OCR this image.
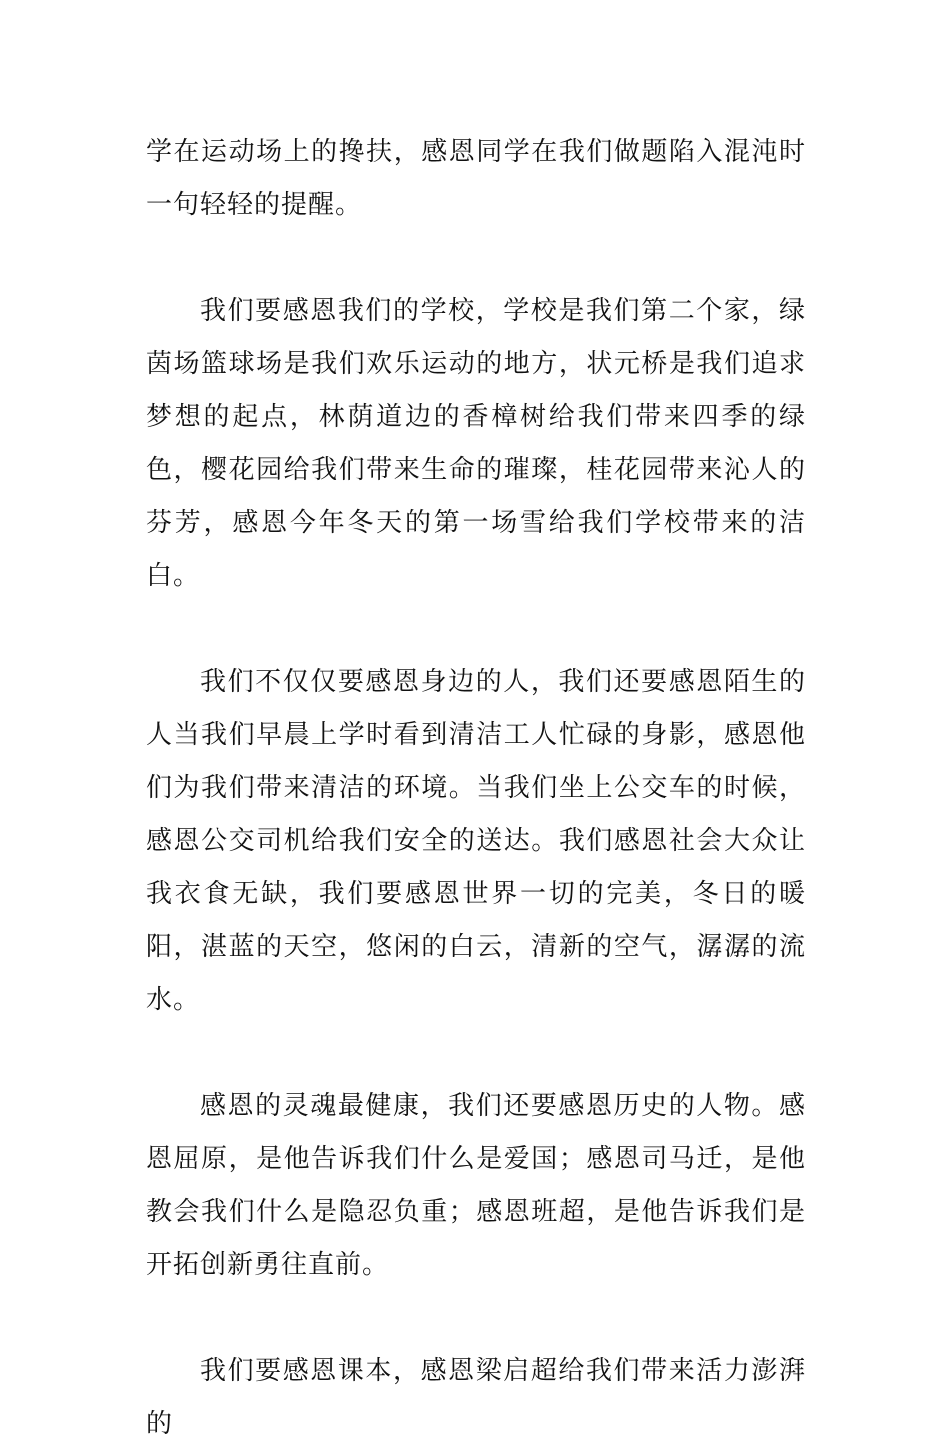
学在运动场上的搀扶，感恩同学在我们做题陷入混沌时一句轻轻的提醒。

我们要感恩我们的学校，学校是我们第二个家，绿茵场篮球场是我们欢乐运动的地方，状元桥是我们追求梦想的起点，林荫道边的香樟树给我们带来四季的绿色，樱花园给我们带来生命的璀璨，桂花园带来沁人的芬芳，感恩今年冬天的第一场雪给我们学校带来的洁白。

我们不仅仅要感恩身边的人，我们还要感恩陌生的人当我们早晨上学时看到清洁工人忙碌的身影，感恩他们为我们带来清洁的环境。当我们坐上公交车的时候，感恩公交司机给我们安全的送达。我们感恩社会大众让我衣食无缺，我们要感恩世界一切的完美，冬日的暖阳，湛蓝的天空，悠闲的白云，清新的空气，潺潺的流水。

感恩的灵魂最健康，我们还要感恩历史的人物。感恩屈原，是他告诉我们什么是爱国；感恩司马迁，是他教会我们什么是隐忍负重；感恩班超，是他告诉我们是开拓创新勇往直前。

我们要感恩课本，感恩梁启超给我们带来活力澎湃的
